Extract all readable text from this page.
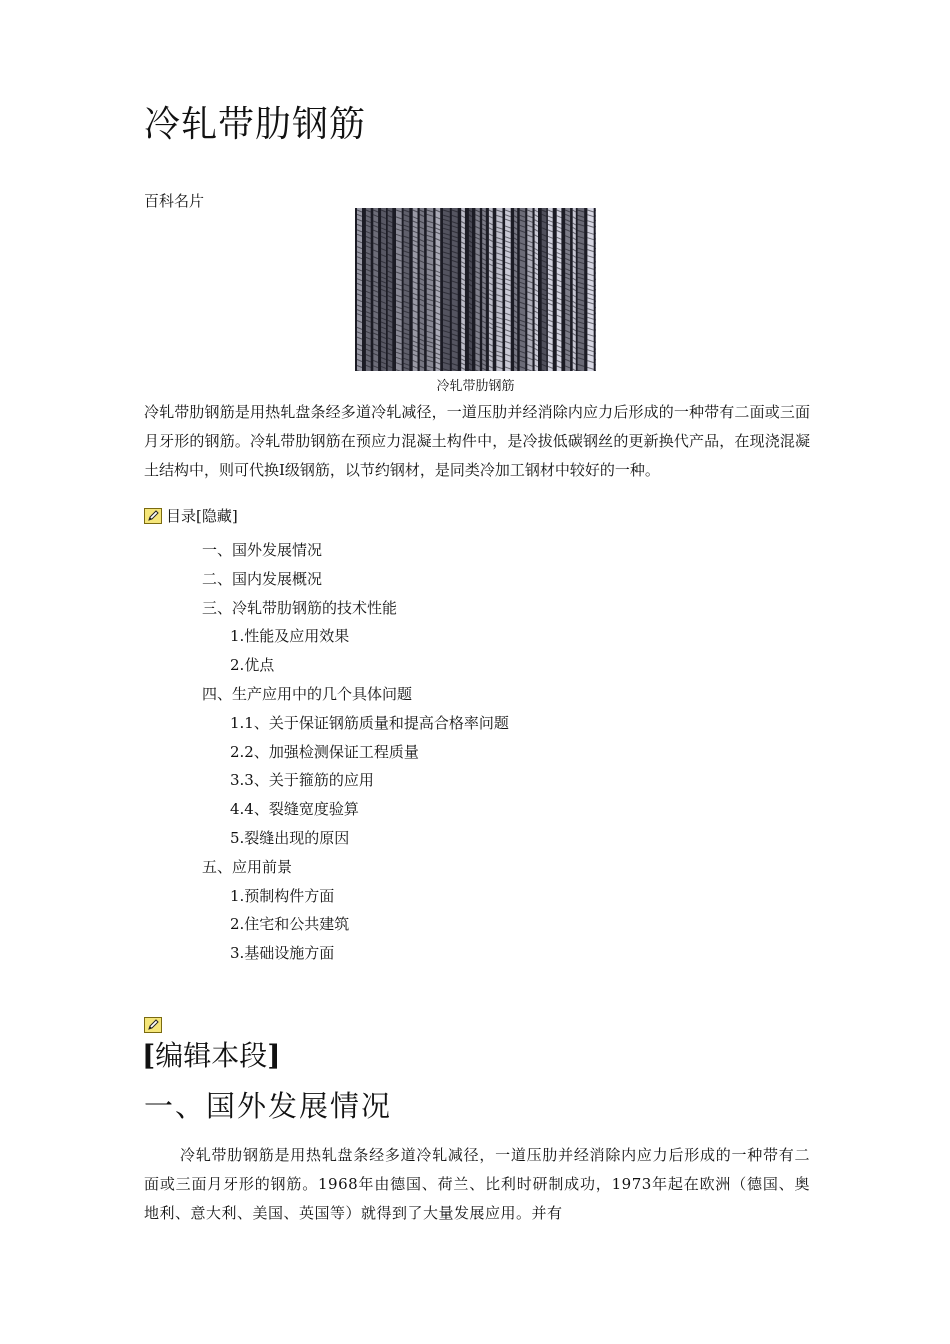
冷轧带肋钢筋
百科名片
冷轧带肋钢筋

冷轧带肋钢筋是用热轧盘条经多道冷轧减径，一道压肋并经消除内应力后形成的一种带有二面或三面月牙形的钢筋。冷轧带肋钢筋在预应力混凝土构件中，是冷拔低碳钢丝的更新换代产品，在现浇混凝土结构中，则可代换Ⅰ级钢筋，以节约钢材，是同类冷加工钢材中较好的一种。

目录 [隐藏]
一、国外发展情况
二、国内发展概况
三、冷轧带肋钢筋的技术性能
1.性能及应用效果
2.优点
四、生产应用中的几个具体问题
1.1、关于保证钢筋质量和提高合格率问题
2.2、加强检测保证工程质量
3.3、关于箍筋的应用
4.4、裂缝宽度验算
5.裂缝出现的原因
五、应用前景
1.预制构件方面
2.住宅和公共建筑
3.基础设施方面
[编辑本段]
一、国外发展情况

冷轧带肋钢筋是用热轧盘条经多道冷轧减径，一道压肋并经消除内应力后形成的一种带有二面或三面月牙形的钢筋。1968年由德国、荷兰、比利时研制成功，1973年起在欧洲（德国、奥地利、意大利、美国、英国等）就得到了大量发展应用。并有
